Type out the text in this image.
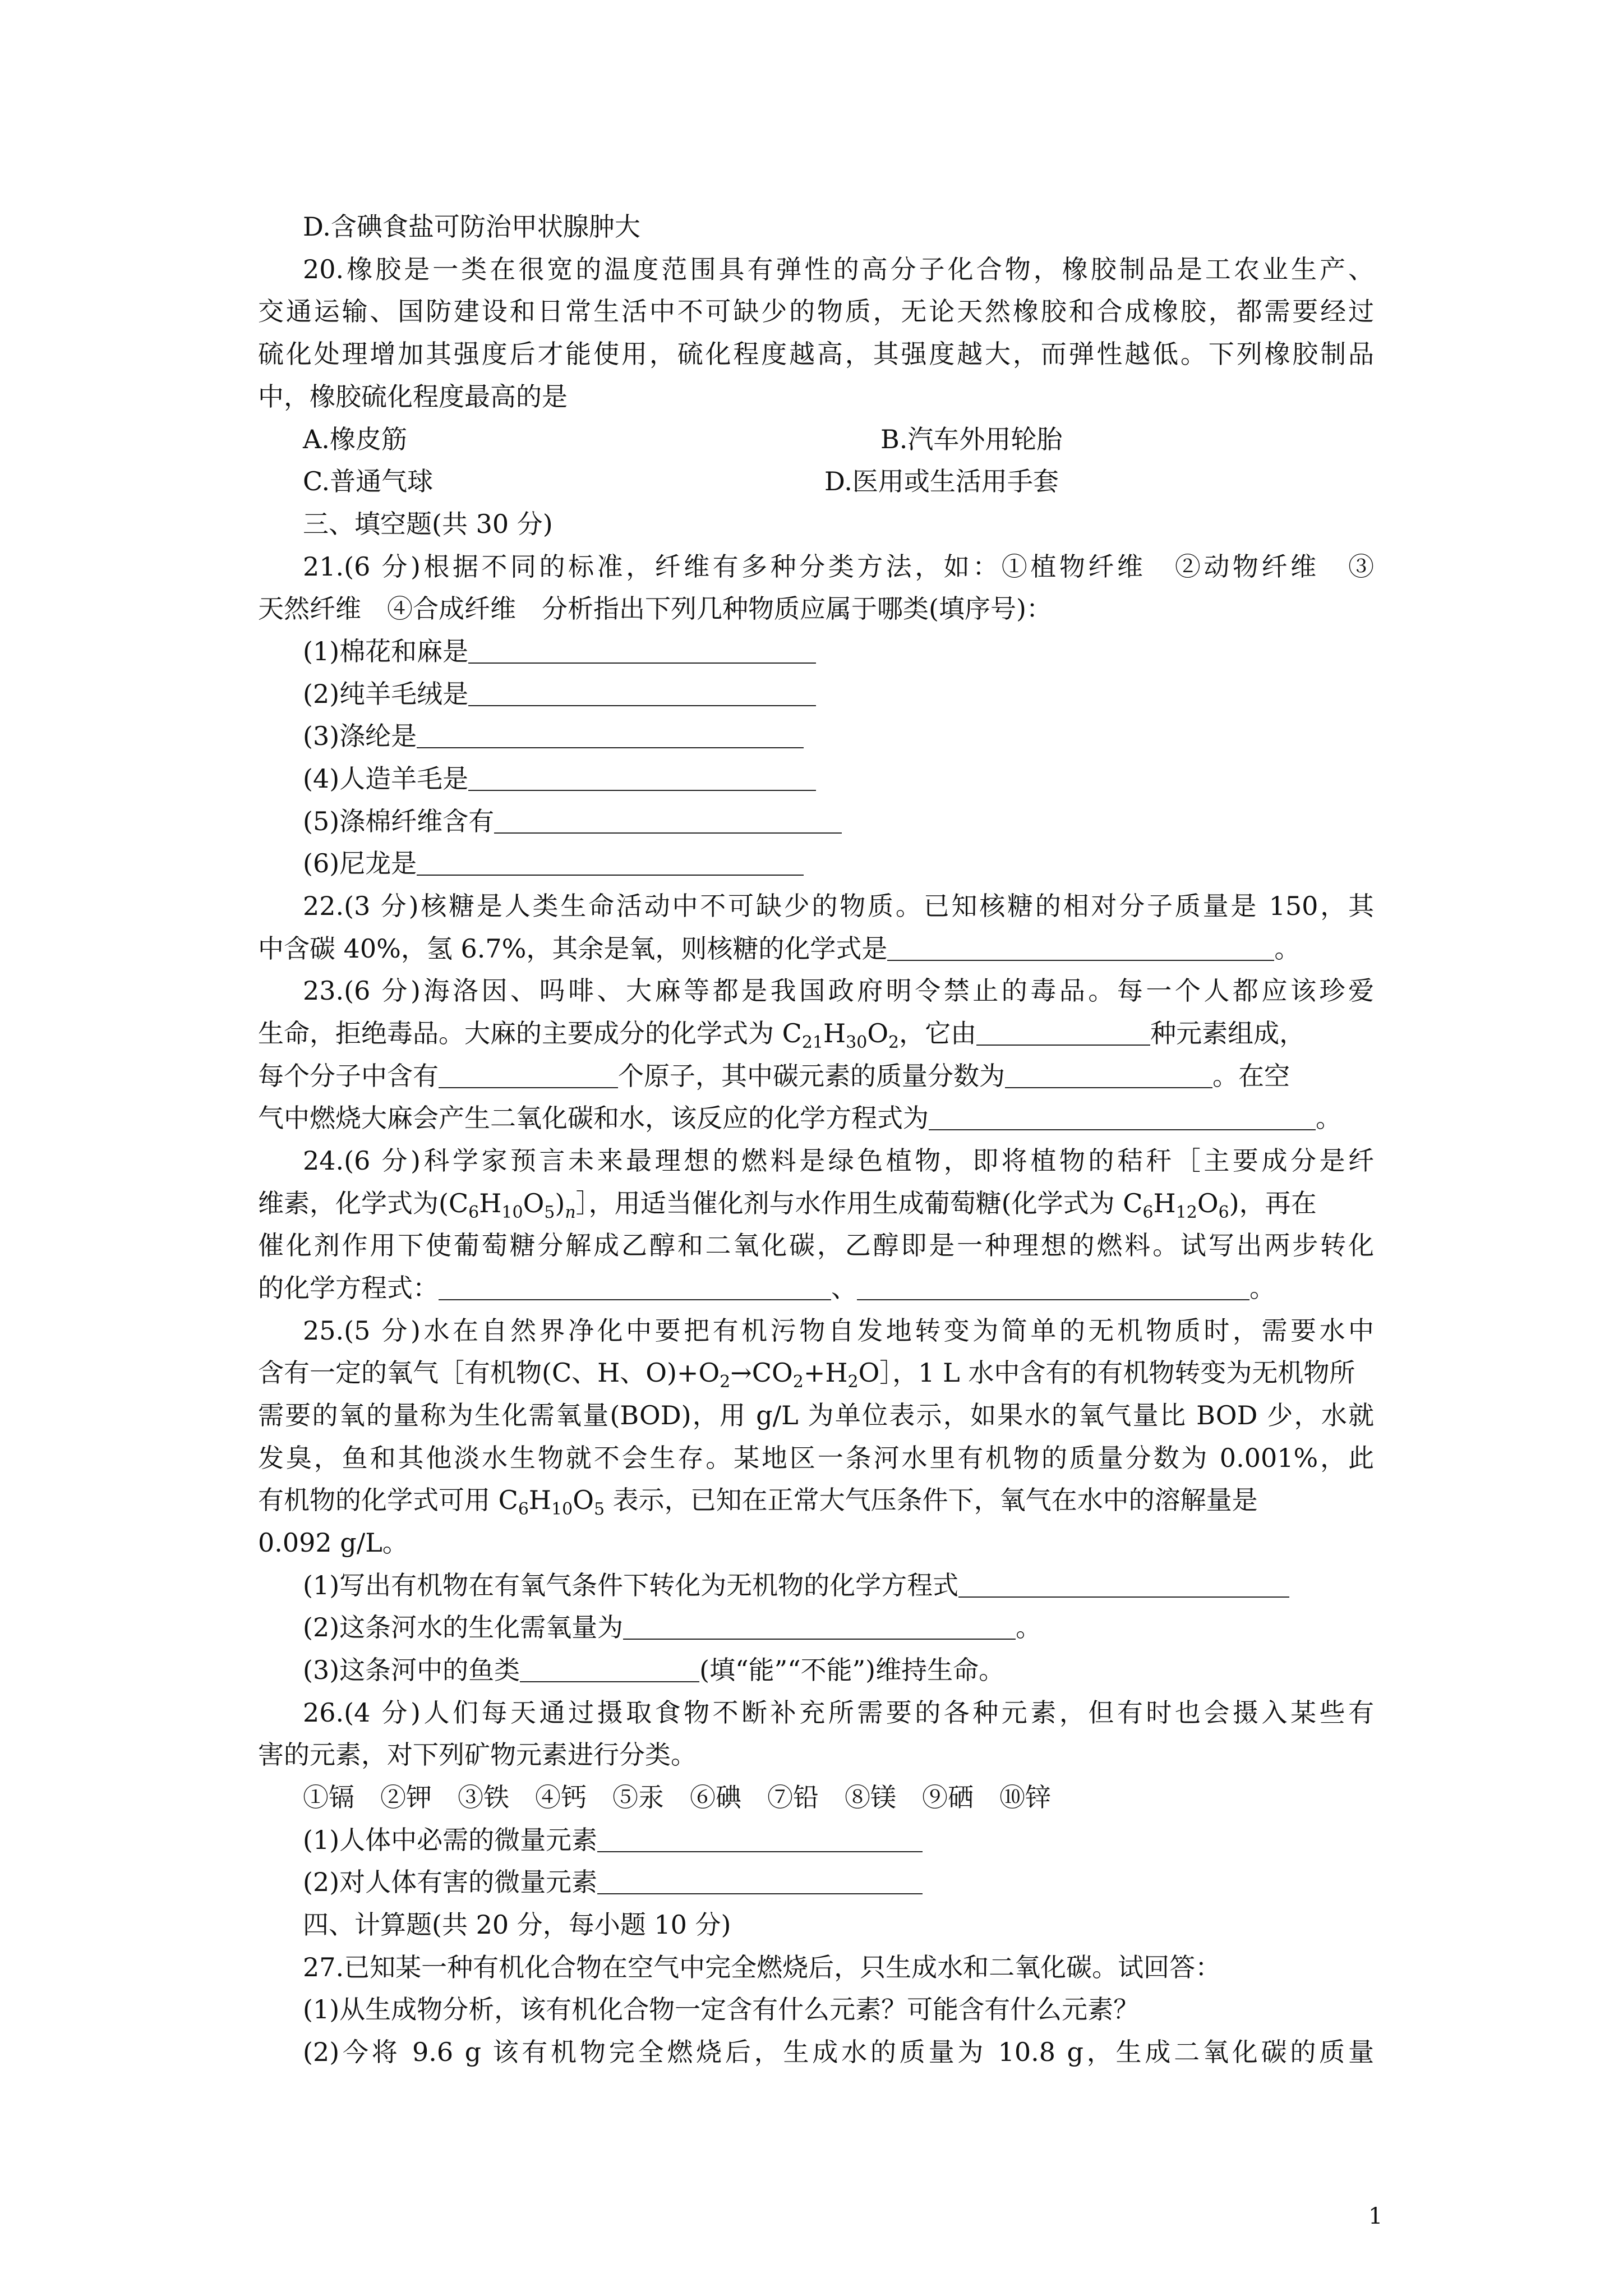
D.含碘食盐可防治甲状腺肿大
20.橡胶是一类在很宽的温度范围具有弹性的高分子化合物，橡胶制品是工农业生产、
交通运输、国防建设和日常生活中不可缺少的物质，无论天然橡胶和合成橡胶，都需要经过
硫化处理增加其强度后才能使用，硫化程度越高，其强度越大，而弹性越低。下列橡胶制品
中，橡胶硫化程度最高的是
A.橡皮筋	B.汽车外用轮胎
C.普通气球	D.医用或生活用手套
三、填空题(共 30 分)
21.(6 分)根据不同的标准，纤维有多种分类方法，如：①植物纤维　②动物纤维　③
天然纤维　④合成纤维　分析指出下列几种物质应属于哪类(填序号)：
(1)棉花和麻是
(2)纯羊毛绒是
(3)涤纶是
(4)人造羊毛是
(5)涤棉纤维含有
(6)尼龙是
22.(3 分)核糖是人类生命活动中不可缺少的物质。已知核糖的相对分子质量是 150，其
中含碳 40%，氢 6.7%，其余是氧，则核糖的化学式是	。
23.(6 分)海洛因、吗啡、大麻等都是我国政府明令禁止的毒品。每一个人都应该珍爱
生命，拒绝毒品。大麻的主要成分的化学式为 $C_{21}H_{30}O_2$，它由	种元素组成，
每个分子中含有	个原子，其中碳元素的质量分数为	。在空
气中燃烧大麻会产生二氧化碳和水，该反应的化学方程式为	。
24.(6 分)科学家预言未来最理想的燃料是绿色植物，即将植物的秸秆［主要成分是纤
维素，化学式为$(C_6H_{10}O_5)_n]$，用适当催化剂与水作用生成葡萄糖(化学式为 $C_6H_{12}O_6$)，再在
催化剂作用下使葡萄糖分解成乙醇和二氧化碳，乙醇即是一种理想的燃料。试写出两步转化
的化学方程式：	、	。
25.(5 分)水在自然界净化中要把有机污物自发地转变为简单的无机物质时，需要水中
含有一定的氧气［有机物(C、H、$O)+O_2\to CO_2+H_2O]$，1 L 水中含有的有机物转变为无机物所
需要的氧的量称为生化需氧量(BOD)，用 g/L 为单位表示，如果水的氧气量比 BOD 少，水就
发臭，鱼和其他淡水生物就不会生存。某地区一条河水里有机物的质量分数为 0.001%，此
有机物的化学式可用 $C_6H_{10}O_5$ 表示，已知在正常大气压条件下，氧气在水中的溶解量是
0.092 g/L。
(1)写出有机物在有氧气条件下转化为无机物的化学方程式
(2)这条河水的生化需氧量为	。
(3)这条河中的鱼类	(填“能”“不能”)维持生命。
26.(4 分)人们每天通过摄取食物不断补充所需要的各种元素，但有时也会摄入某些有
害的元素，对下列矿物元素进行分类。
①镉　②钾　③铁　④钙　⑤汞　⑥碘　⑦铅　⑧镁　⑨硒　⑩锌
(1)人体中必需的微量元素
(2)对人体有害的微量元素
四、计算题(共 20 分，每小题 10 分)
27.已知某一种有机化合物在空气中完全燃烧后，只生成水和二氧化碳。试回答：
(1)从生成物分析，该有机化合物一定含有什么元素？可能含有什么元素？
(2)今将 9.6 g 该有机物完全燃烧后，生成水的质量为 10.8 g，生成二氧化碳的质量
1
